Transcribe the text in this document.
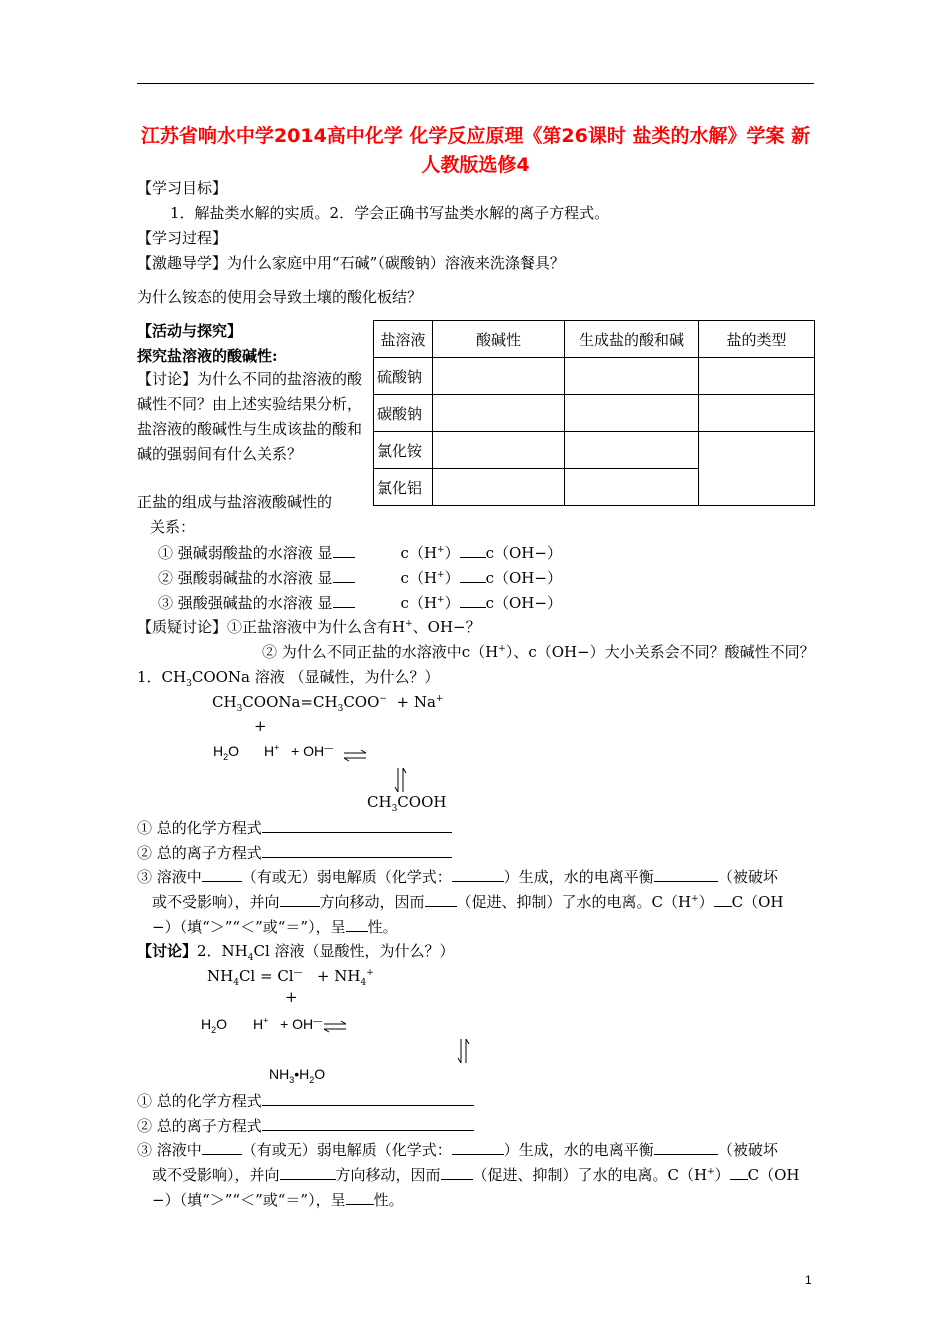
江苏省响水中学2014高中化学 化学反应原理《第26课时 盐类的水解》学案 新人教版选修4
【学习目标】
1．解盐类水解的实质。2．学会正确书写盐类水解的离子方程式。
【学习过程】
【激趣导学】为什么家庭中用“石碱”（碳酸钠）溶液来洗涤餐具？
为什么铵态的使用会导致土壤的酸化板结？
【活动与探究】
探究盐溶液的酸碱性:
【讨论】为什么不同的盐溶液的酸碱性不同？由上述实验结果分析，盐溶液的酸碱性与生成该盐的酸和碱的强弱间有什么关系？
正盐的组成与盐溶液酸碱性的
关系：
盐溶液	酸碱性	生成盐的酸和碱	盐的类型
硫酸钠			
碳酸钠			
氯化铵			
氯化铝			
① 强碱弱酸盐的水溶液 显	c（H+） c（OH−）
② 强酸弱碱盐的水溶液 显	c（H+） c（OH−）
③ 强酸强碱盐的水溶液 显	c（H+） c（OH−）
【质疑讨论】①正盐溶液中为什么含有H+、OH−？
② 为什么不同正盐的水溶液中c（H+）、c（OH−）大小关系会不同？酸碱性不同？
1．$CH_3COONa$ 溶液 （显碱性，为什么？）
$CH_3COONa=CH_3COO^- + Na^+$
+
$H_2O$ H+ + OH—
$CH_3COOH$
① 总的化学方程式
② 总的离子方程式
③ 溶液中	（有或无）弱电解质（化学式：	）生成，水的电离平衡	（被破坏
或不受影响），并向	方向移动，因而 （促进、抑制）了水的电离。C（H+） C（OH
−）（填“＞”“＜”或“＝”），呈 性。
【讨论】2．$NH_4Cl$ 溶液（显酸性，为什么？）
$NH_4Cl = Cl^— + NH_4^+$
+
$H_2O$ H+ + OH— ⇌
$NH_3•H_2O$
① 总的化学方程式
② 总的离子方程式
③ 溶液中	（有或无）弱电解质（化学式：	）生成，水的电离平衡	（被破坏
或不受影响），并向	方向移动，因而 （促进、抑制）了水的电离。C（H+） C（OH
−）（填“＞”“＜”或“＝”），呈 性。
1
